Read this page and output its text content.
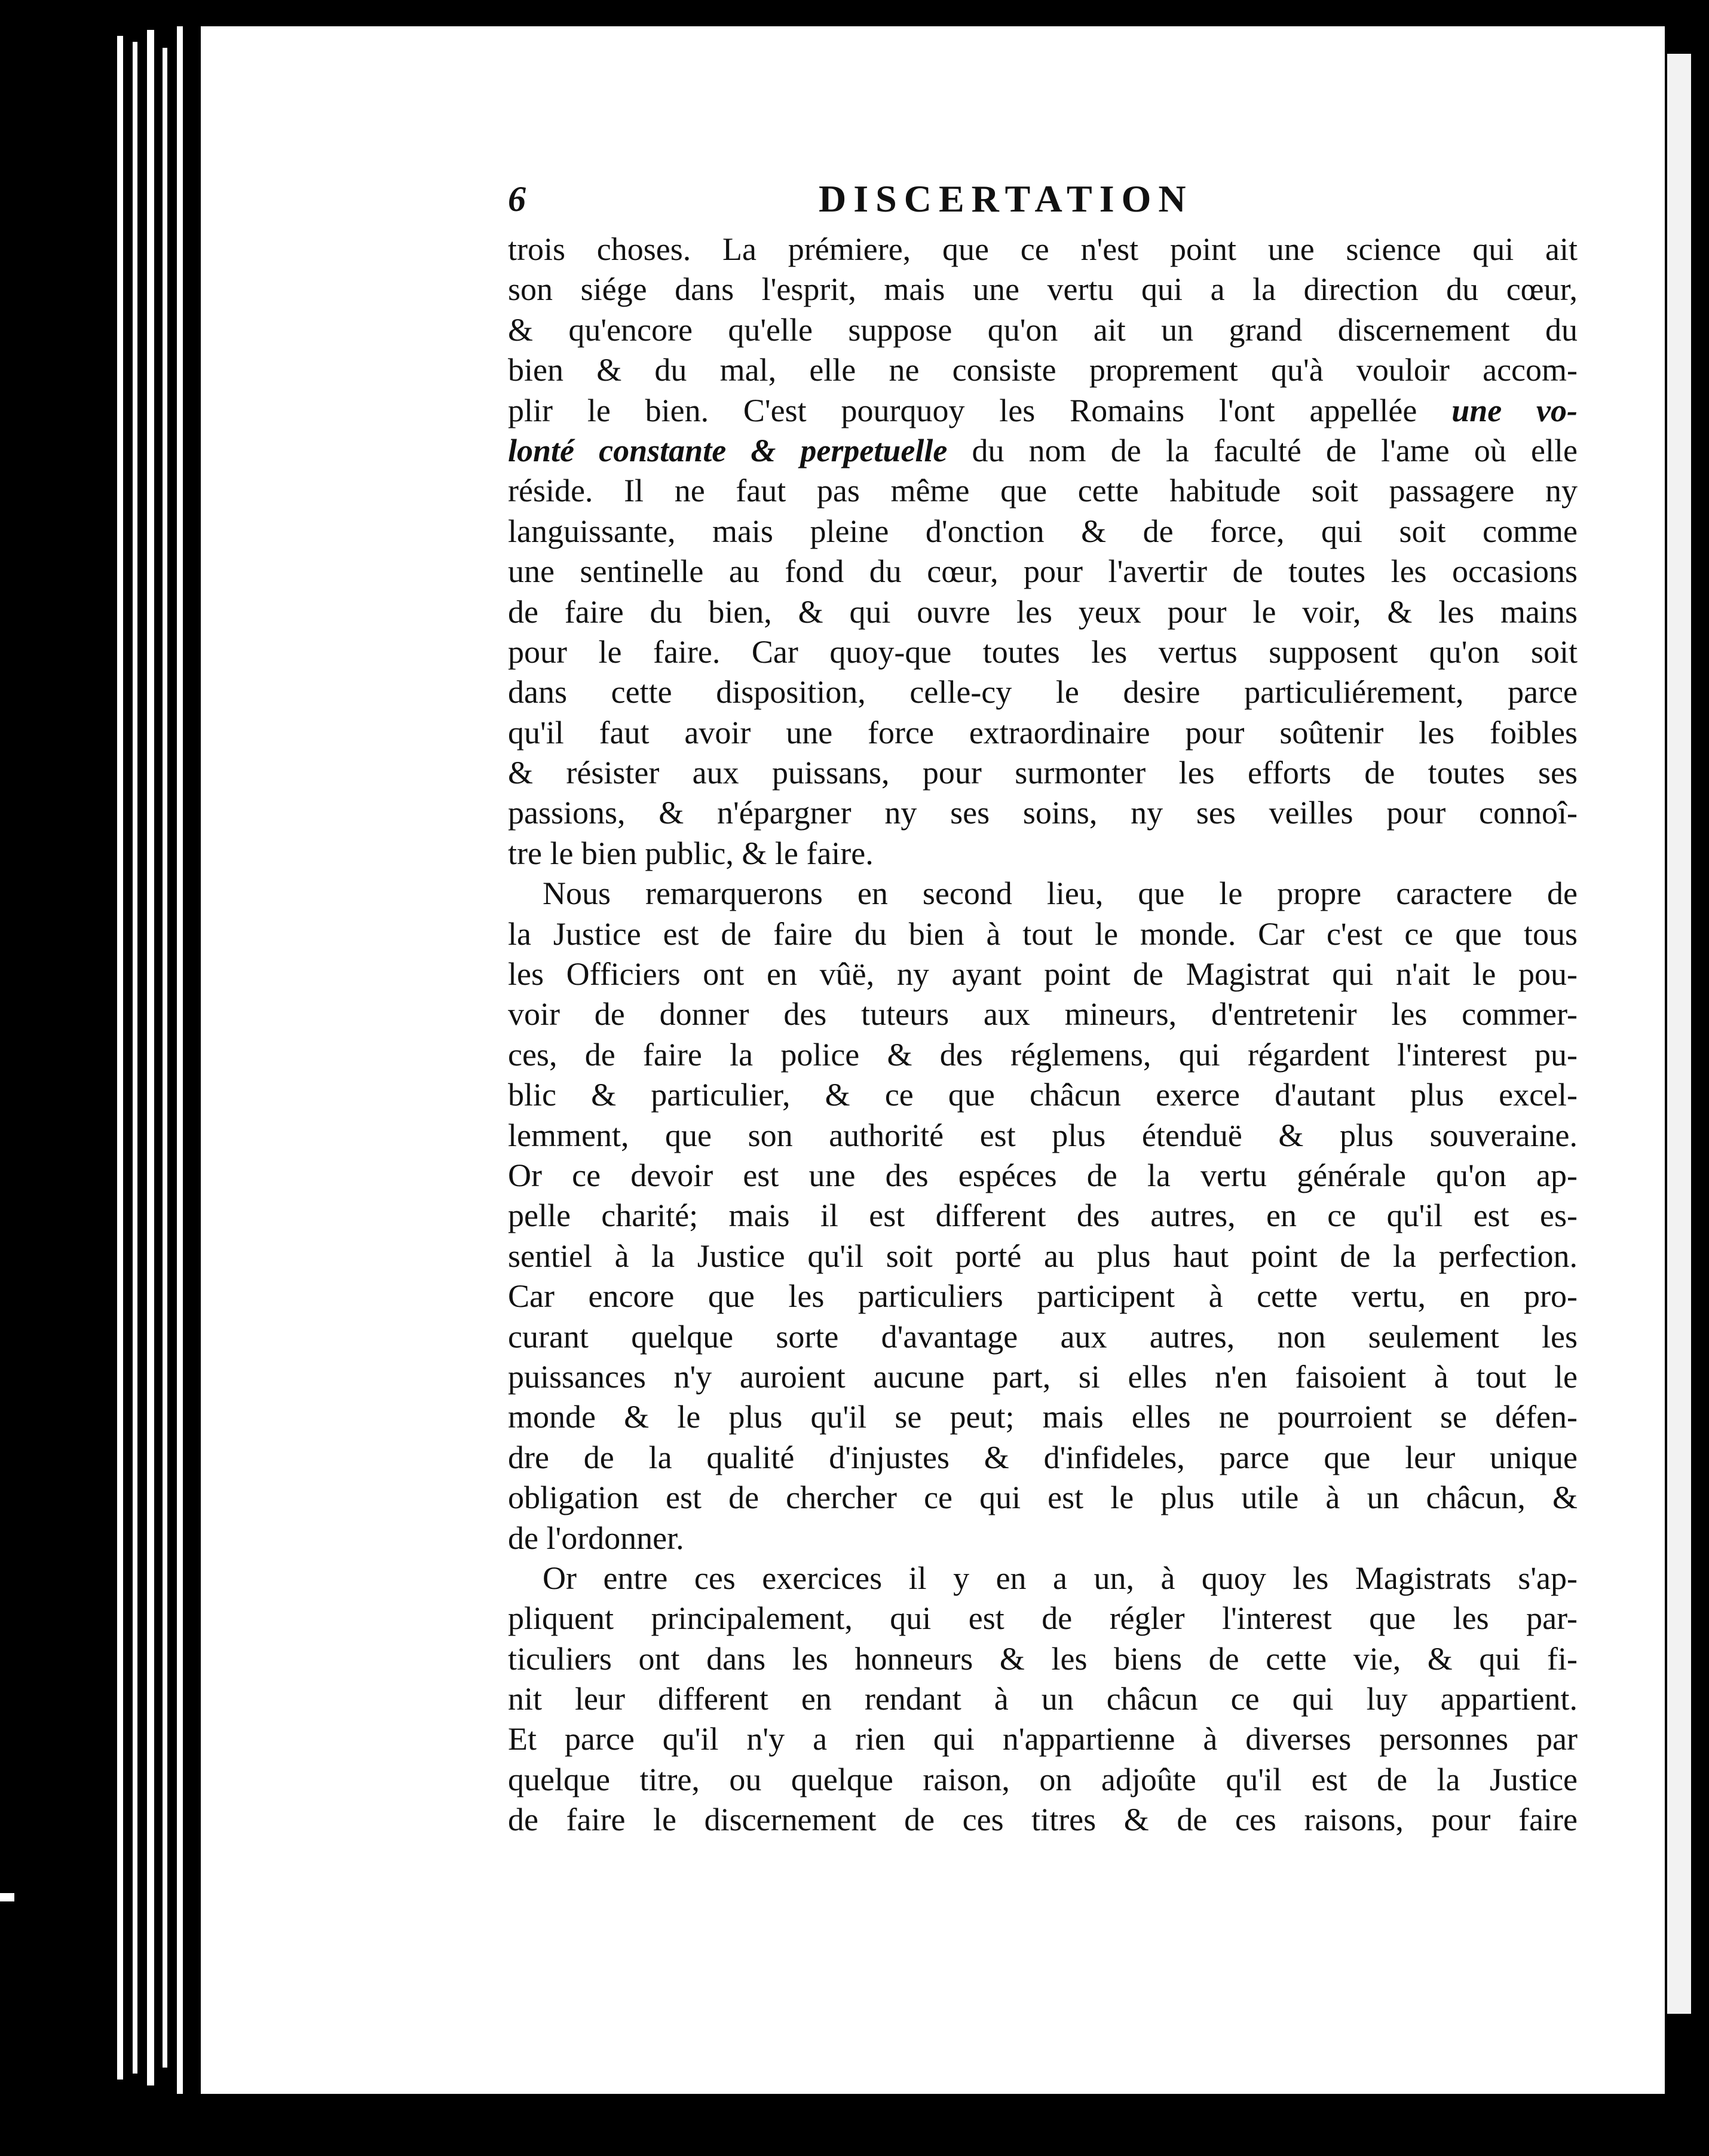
6	DISCERTATION
trois choses. La prémiere, que ce n'est point une science qui ait
son siége dans l'esprit, mais une vertu qui a la direction du cœur,
& qu'encore qu'elle suppose qu'on ait un grand discernement du
bien & du mal, elle ne consiste proprement qu'à vouloir accom-
plir le bien. C'est pourquoy les Romains l'ont appellée une vo-
lonté constante & perpetuelle du nom de la faculté de l'ame où elle
réside. Il ne faut pas même que cette habitude soit passagere ny
languissante, mais pleine d'onction & de force, qui soit comme
une sentinelle au fond du cœur, pour l'avertir de toutes les occasions
de faire du bien, & qui ouvre les yeux pour le voir, & les mains
pour le faire. Car quoy-que toutes les vertus supposent qu'on soit
dans cette disposition, celle-cy le desire particuliérement, parce
qu'il faut avoir une force extraordinaire pour soûtenir les foibles
& résister aux puissans, pour surmonter les efforts de toutes ses
passions, & n'épargner ny ses soins, ny ses veilles pour connoî-
tre le bien public, & le faire.
Nous remarquerons en second lieu, que le propre caractere de
la Justice est de faire du bien à tout le monde. Car c'est ce que tous
les Officiers ont en vûë, ny ayant point de Magistrat qui n'ait le pou-
voir de donner des tuteurs aux mineurs, d'entretenir les commer-
ces, de faire la police & des réglemens, qui régardent l'interest pu-
blic & particulier, & ce que châcun exerce d'autant plus excel-
lemment, que son authorité est plus étenduë & plus souveraine.
Or ce devoir est une des espéces de la vertu générale qu'on ap-
pelle charité; mais il est different des autres, en ce qu'il est es-
sentiel à la Justice qu'il soit porté au plus haut point de la perfection.
Car encore que les particuliers participent à cette vertu, en pro-
curant quelque sorte d'avantage aux autres, non seulement les
puissances n'y auroient aucune part, si elles n'en faisoient à tout le
monde & le plus qu'il se peut; mais elles ne pourroient se défen-
dre de la qualité d'injustes & d'infideles, parce que leur unique
obligation est de chercher ce qui est le plus utile à un châcun, &
de l'ordonner.
Or entre ces exercices il y en a un, à quoy les Magistrats s'ap-
pliquent principalement, qui est de régler l'interest que les par-
ticuliers ont dans les honneurs & les biens de cette vie, & qui fi-
nit leur different en rendant à un châcun ce qui luy appartient.
Et parce qu'il n'y a rien qui n'appartienne à diverses personnes par
quelque titre, ou quelque raison, on adjoûte qu'il est de la Justice
de faire le discernement de ces titres & de ces raisons, pour faire
